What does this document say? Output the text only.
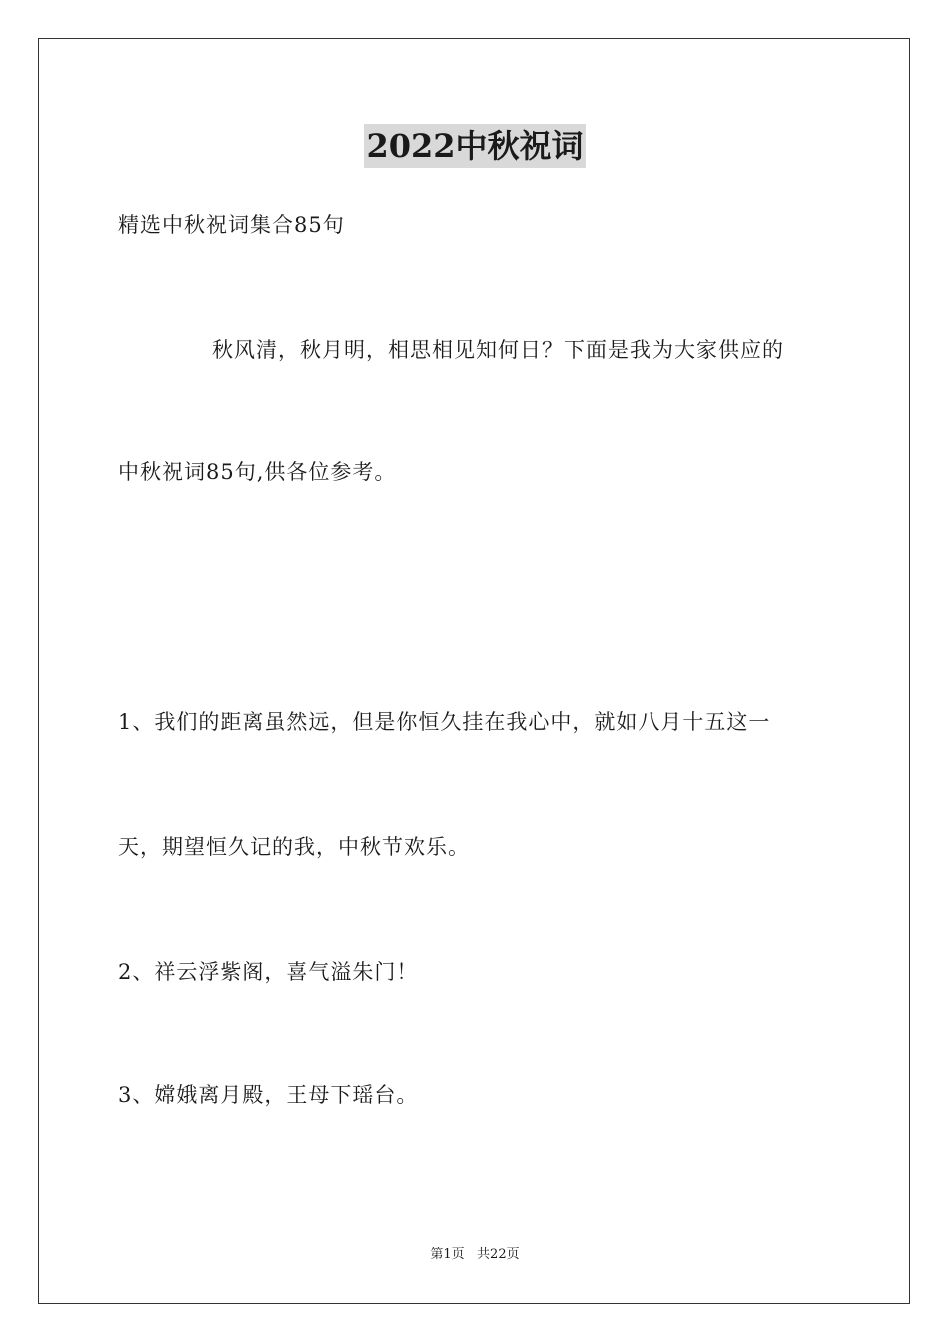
2022中秋祝词
精选中秋祝词集合85句
秋风清，秋月明，相思相见知何日？下面是我为大家供应的
中秋祝词85句,供各位参考。
1、我们的距离虽然远，但是你恒久挂在我心中，就如八月十五这一
天，期望恒久记的我，中秋节欢乐。
2、祥云浮紫阁，喜气溢朱门！
3、嫦娥离月殿，王母下瑶台。
第1页   共22页
